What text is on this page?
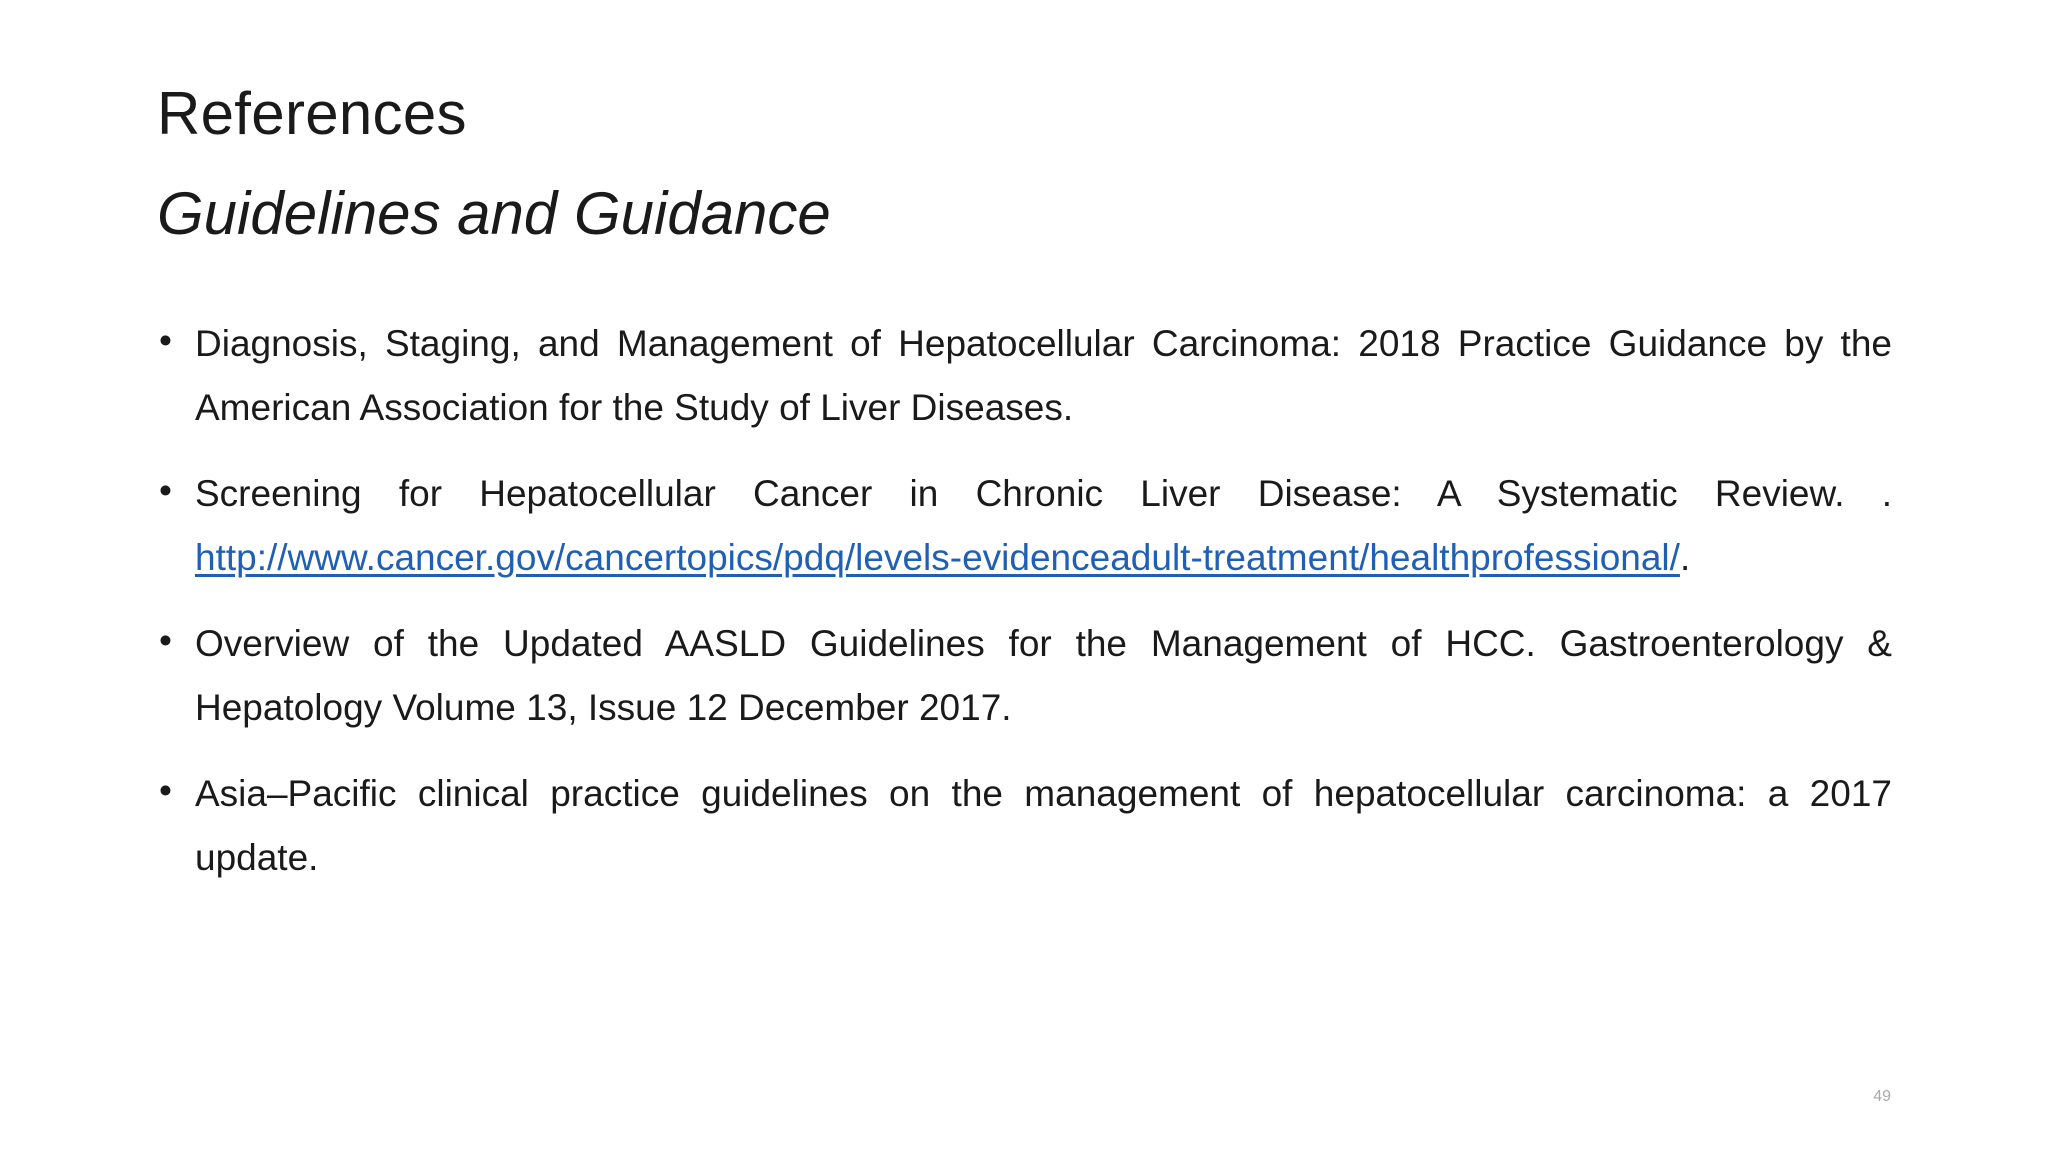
References
Guidelines and Guidance
• Diagnosis, Staging, and Management of Hepatocellular Carcinoma: 2018 Practice Guidance by the American Association for the Study of Liver Diseases.
• Screening for Hepatocellular Cancer in Chronic Liver Disease: A Systematic Review. . http://www.cancer.gov/cancertopics/pdq/levels-evidenceadult-treatment/healthprofessional/.
• Overview of the Updated AASLD Guidelines for the Management of HCC. Gastroenterology & Hepatology Volume 13, Issue 12 December 2017.
• Asia–Pacific clinical practice guidelines on the management of hepatocellular carcinoma: a 2017 update.
49
